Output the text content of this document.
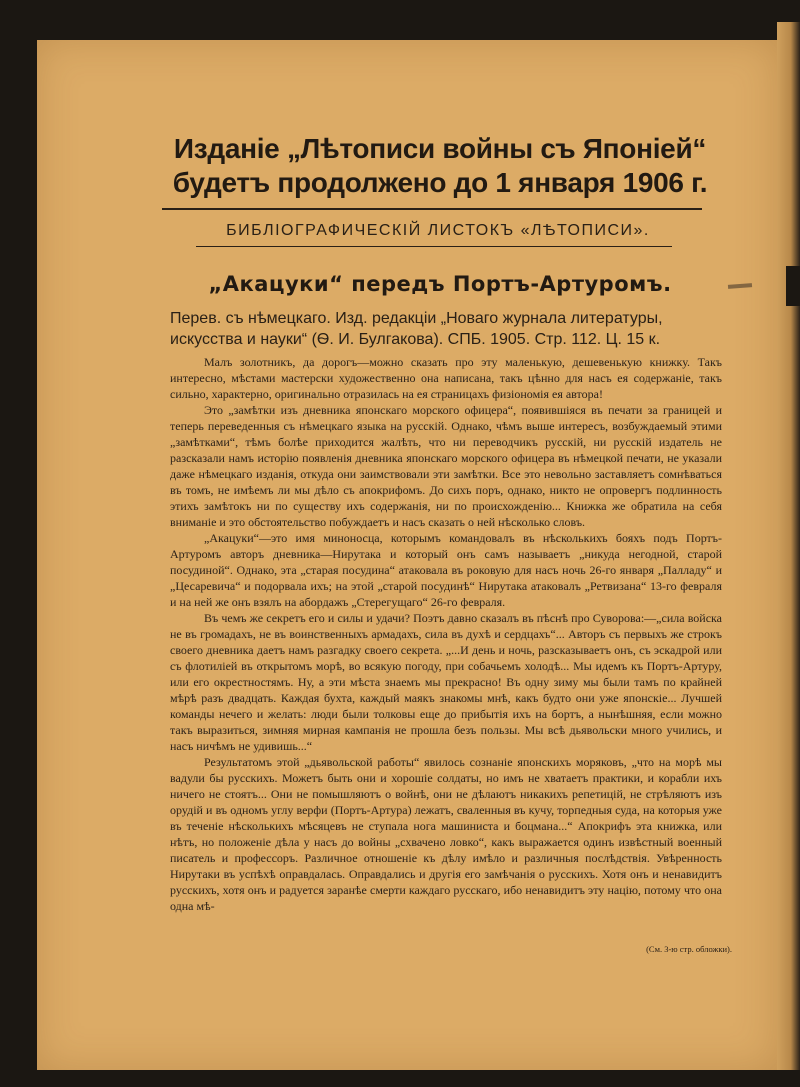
Изданіе „Лѣтописи войны съ Японіей“
будетъ продолжено до 1 января 1906 г.
БИБЛІОГРАФИЧЕСКІЙ ЛИСТОКЪ «ЛѢТОПИСИ».
„Акацуки“ передъ Портъ-Артуромъ.
Перев. съ нѣмецкаго. Изд. редакціи „Новаго журнала литературы,
искусства и науки“ (Ѳ. И. Булгакова). СПБ. 1905. Стр. 112. Ц. 15 к.

Малъ золотникъ, да дорогъ—можно сказать про эту маленькую, дешевенькую книжку. Такъ интересно, мѣстами мастерски художественно она написана, такъ цѣнно для насъ ея содержаніе, такъ сильно, характерно, оригинально отразилась на ея страницахъ физіономія ея автора!

Это „замѣтки изъ дневника японскаго морского офицера“, появившіяся въ печати за границей и теперь переведенныя съ нѣмецкаго языка на русскій. Однако, чѣмъ выше интересъ, возбуждаемый этими „замѣтками“, тѣмъ болѣе приходится жалѣть, что ни переводчикъ русскій, ни русскій издатель не разсказали намъ исторію появленія дневника японскаго морского офицера въ нѣмецкой печати, не указали даже нѣмецкаго изданія, откуда они заимствовали эти замѣтки. Все это невольно заставляетъ сомнѣваться въ томъ, не имѣемъ ли мы дѣло съ апокрифомъ. До сихъ поръ, однако, никто не опровергъ подлинность этихъ замѣтокъ ни по существу ихъ содержанія, ни по происхожденію... Книжка же обратила на себя вниманіе и это обстоятельство побуждаетъ и насъ сказать о ней нѣсколько словъ.

„Акацуки“—это имя миноносца, которымъ командовалъ въ нѣсколькихъ бояхъ подъ Портъ-Артуромъ авторъ дневника—Нирутака и который онъ самъ называетъ „никуда негодной, старой посудиной“. Однако, эта „старая посудина“ атаковала въ роковую для насъ ночь 26-го января „Палладу“ и „Цесаревича“ и подорвала ихъ; на этой „старой посудинѣ“ Нирутака атаковалъ „Ретвизана“ 13-го февраля и на ней же онъ взялъ на абордажъ „Стерегущаго“ 26-го февраля.

Въ чемъ же секретъ его и силы и удачи? Поэтъ давно сказалъ въ пѣснѣ про Суворова:—„сила войска не въ громадахъ, не въ воинственныхъ армадахъ, сила въ духѣ и сердцахъ“... Авторъ съ первыхъ же строкъ своего дневника даетъ намъ разгадку своего секрета. „...И день и ночь, разсказываетъ онъ, съ эскадрой или съ флотиліей въ открытомъ морѣ, во всякую погоду, при собачьемъ холодѣ... Мы идемъ къ Портъ-Артуру, или его окрестностямъ. Ну, а эти мѣста знаемъ мы прекрасно! Въ одну зиму мы были тамъ по крайней мѣрѣ разъ двадцать. Каждая бухта, каждый маякъ знакомы мнѣ, какъ будто они уже японскіе... Лучшей команды нечего и желать: люди были толковы еще до прибытія ихъ на бортъ, а нынѣшняя, если можно такъ выразиться, зимняя мирная кампанія не прошла безъ пользы. Мы всѣ дьявольски много учились, и насъ ничѣмъ не удивишь...“

Результатомъ этой „дьявольской работы“ явилось сознаніе японскихъ моряковъ, „что на морѣ мы вадули бы русскихъ. Можетъ быть они и хорошіе солдаты, но имъ не хватаетъ практики, и корабли ихъ ничего не стоятъ... Они не помышляютъ о войнѣ, они не дѣлаютъ никакихъ репетицій, не стрѣляютъ изъ орудій и въ одномъ углу верфи (Портъ-Артура) лежатъ, сваленныя въ кучу, торпедныя суда, на которыя уже въ теченіе нѣсколькихъ мѣсяцевъ не ступала нога машиниста и боцмана...“ Апокрифъ эта книжка, или нѣтъ, но положеніе дѣла у насъ до войны „схвачено ловко“, какъ выражается одинъ извѣстный военный писатель и профессоръ. Различное отношеніе къ дѣлу имѣло и различныя послѣдствія. Увѣренность Нирутаки въ успѣхѣ оправдалась. Оправдались и другія его замѣчанія о русскихъ. Хотя онъ и ненавидитъ русскихъ, хотя онъ и радуется заранѣе смерти каждаго русскаго, ибо ненавидитъ эту націю, потому что она одна мѣ-

(См. 3-ю стр. обложки).
